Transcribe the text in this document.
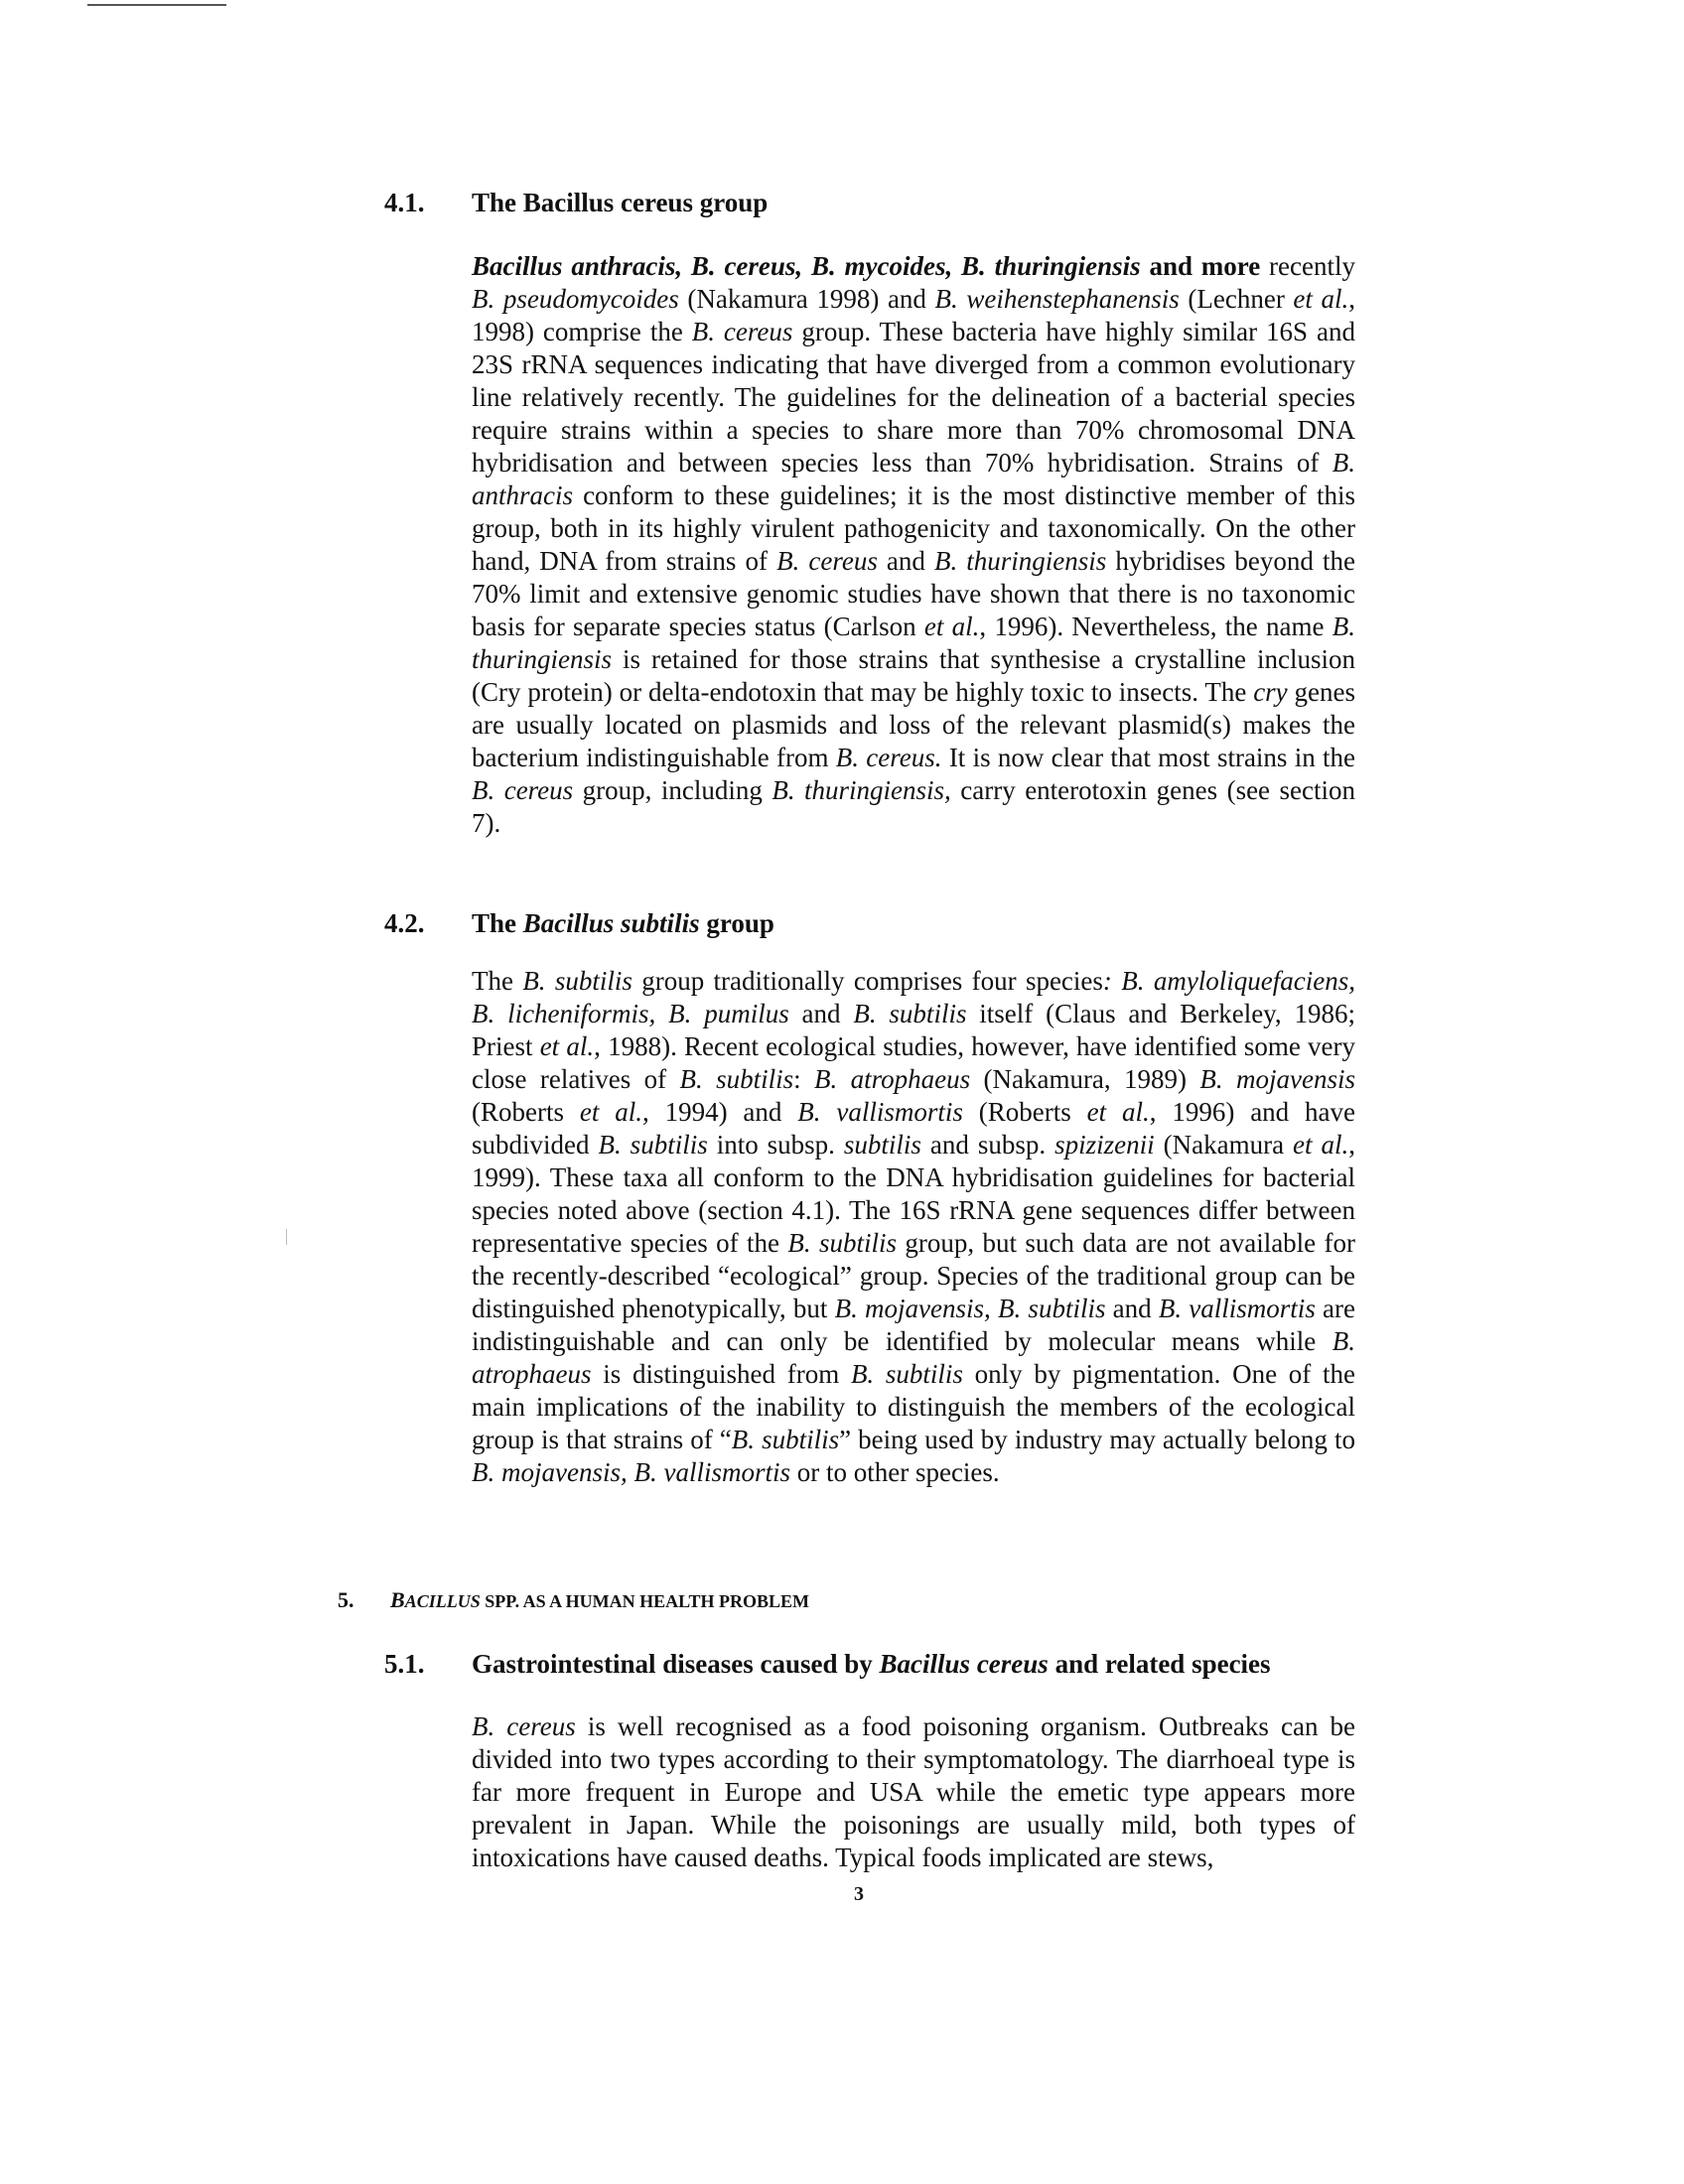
4.1. The Bacillus cereus group

Bacillus anthracis, B. cereus, B. mycoides, B. thuringiensis and more recently B. pseudomycoides (Nakamura 1998) and B. weihenstephanensis (Lechner et al., 1998) comprise the B. cereus group. These bacteria have highly similar 16S and 23S rRNA sequences indicating that have diverged from a common evolutionary line relatively recently. The guidelines for the delineation of a bacterial species require strains within a species to share more than 70% chromosomal DNA hybridisation and between species less than 70% hybridisation. Strains of B. anthracis conform to these guidelines; it is the most distinctive member of this group, both in its highly virulent pathogenicity and taxonomically. On the other hand, DNA from strains of B. cereus and B. thuringiensis hybridises beyond the 70% limit and extensive genomic studies have shown that there is no taxonomic basis for separate species status (Carlson et al., 1996). Nevertheless, the name B. thuringiensis is retained for those strains that synthesise a crystalline inclusion (Cry protein) or delta-endotoxin that may be highly toxic to insects. The cry genes are usually located on plasmids and loss of the relevant plasmid(s) makes the bacterium indistinguishable from B. cereus. It is now clear that most strains in the B. cereus group, including B. thuringiensis, carry enterotoxin genes (see section 7).

4.2. The Bacillus subtilis group

The B. subtilis group traditionally comprises four species: B. amyloliquefaciens, B. licheniformis, B. pumilus and B. subtilis itself (Claus and Berkeley, 1986; Priest et al., 1988). Recent ecological studies, however, have identified some very close relatives of B. subtilis: B. atrophaeus (Nakamura, 1989) B. mojavensis (Roberts et al., 1994) and B. vallismortis (Roberts et al., 1996) and have subdivided B. subtilis into subsp. subtilis and subsp. spizizenii (Nakamura et al., 1999). These taxa all conform to the DNA hybridisation guidelines for bacterial species noted above (section 4.1). The 16S rRNA gene sequences differ between representative species of the B. subtilis group, but such data are not available for the recently-described “ecological” group. Species of the traditional group can be distinguished phenotypically, but B. mojavensis, B. subtilis and B. vallismortis are indistinguishable and can only be identified by molecular means while B. atrophaeus is distinguished from B. subtilis only by pigmentation. One of the main implications of the inability to distinguish the members of the ecological group is that strains of “B. subtilis” being used by industry may actually belong to B. mojavensis, B. vallismortis or to other species.

5. BACILLUS SPP. AS A HUMAN HEALTH PROBLEM
5.1. Gastrointestinal diseases caused by Bacillus cereus and related species

B. cereus is well recognised as a food poisoning organism. Outbreaks can be divided into two types according to their symptomatology. The diarrhoeal type is far more frequent in Europe and USA while the emetic type appears more prevalent in Japan. While the poisonings are usually mild, both types of intoxications have caused deaths. Typical foods implicated are stews,

3
